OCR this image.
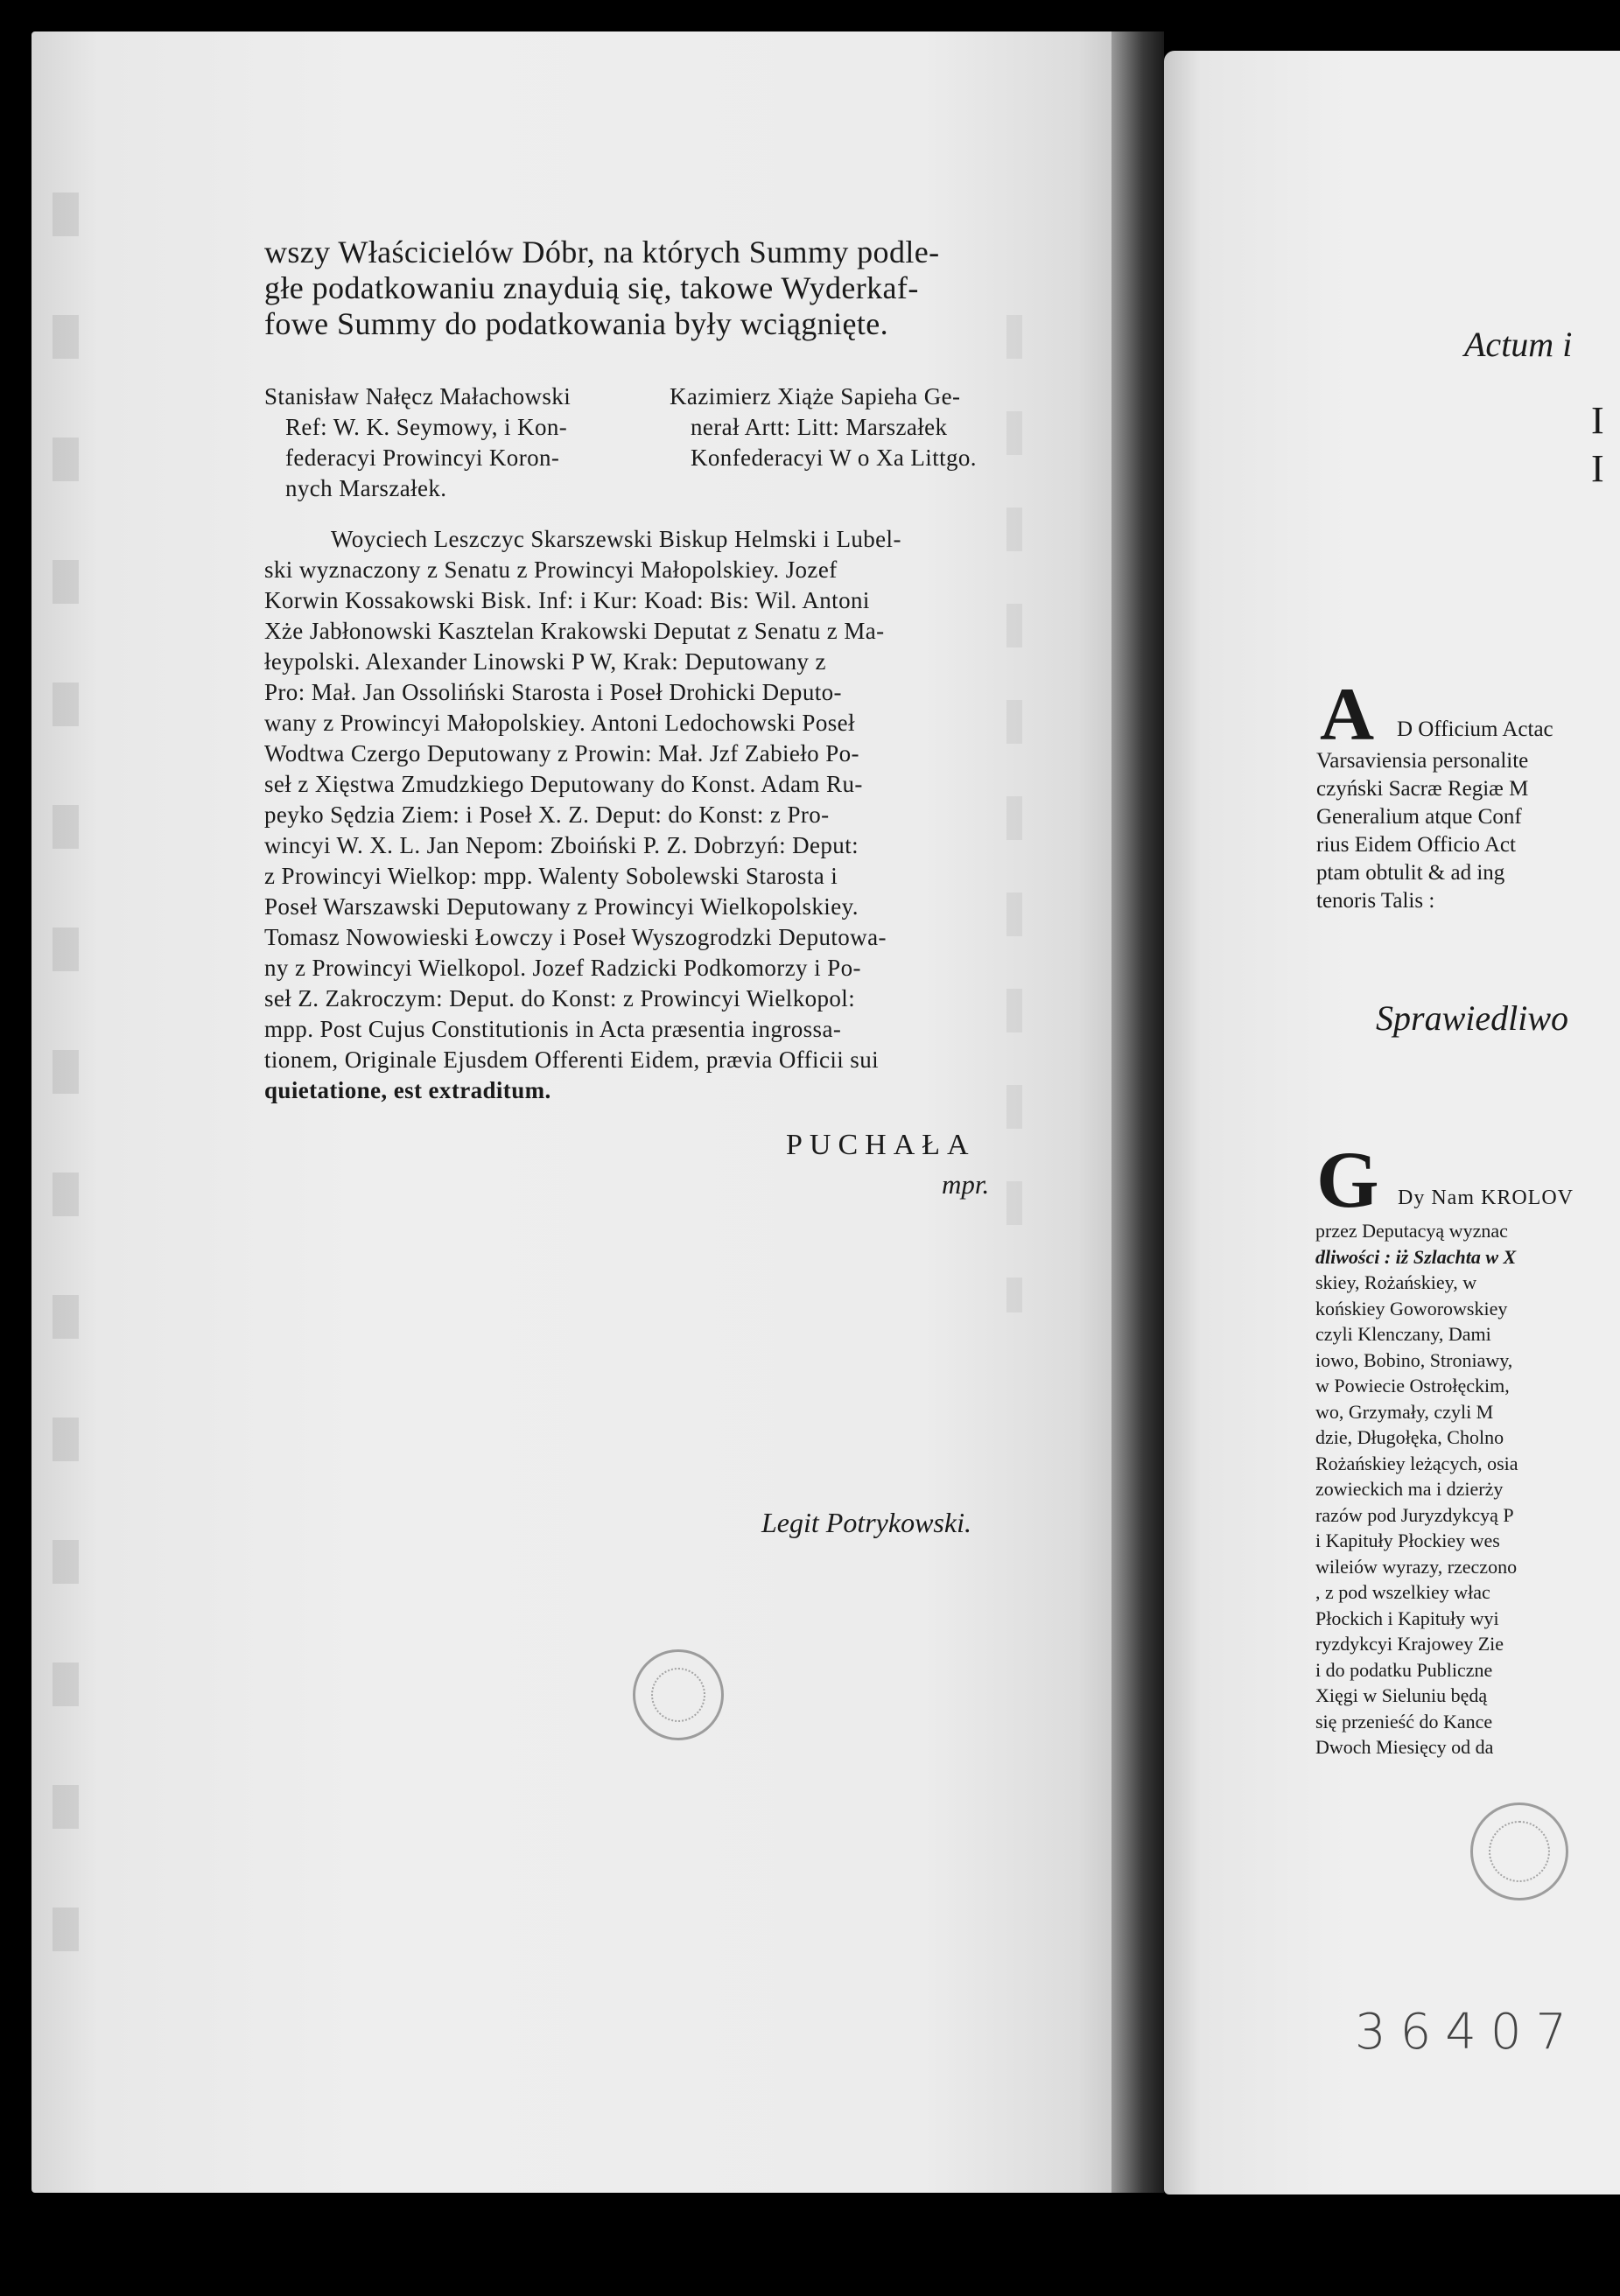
wszy Właścicielów Dóbr, na których Summy podle-
głe podatkowaniu znayduią się, takowe Wyderkaf-
fowe Summy do podatkowania były wciągnięte.
Stanisław Nałęcz Małachowski
Ref: W. K. Seymowy, i Kon-
federacyi Prowincyi Koron-
nych Marszałek.
Kazimierz Xiąże Sapieha Ge-
nerał Artt: Litt: Marszałek
Konfederacyi W o Xa Littgo.
Woyciech Leszczyc Skarszewski Biskup Helmski i Lubel-
ski wyznaczony z Senatu z Prowincyi Małopolskiey. Jozef
Korwin Kossakowski Bisk. Inf: i Kur: Koad: Bis: Wil. Antoni
Xże Jabłonowski Kasztelan Krakowski Deputat z Senatu z Ma-
łeypolski. Alexander Linowski P W, Krak: Deputowany z
Pro: Mał. Jan Ossoliński Starosta i Poseł Drohicki Deputo-
wany z Prowincyi Małopolskiey. Antoni Ledochowski Poseł
Wodtwa Czergo Deputowany z Prowin: Mał. Jzf Zabieło Po-
seł z Xięstwa Zmudzkiego Deputowany do Konst. Adam Ru-
peyko Sędzia Ziem: i Poseł X. Z. Deput: do Konst: z Pro-
wincyi W. X. L. Jan Nepom: Zboiński P. Z. Dobrzyń: Deput:
z Prowincyi Wielkop: mpp. Walenty Sobolewski Starosta i
Poseł Warszawski Deputowany z Prowincyi Wielkopolskiey.
Tomasz Nowowieski Łowczy i Poseł Wyszogrodzki Deputowa-
ny z Prowincyi Wielkopol. Jozef Radzicki Podkomorzy i Po-
seł Z. Zakroczym: Deput. do Konst: z Prowincyi Wielkopol:
mpp. Post Cujus Constitutionis in Acta præsentia ingrossa-
tionem, Originale Ejusdem Offerenti Eidem, prævia Officii sui
quietatione, est extraditum.
PUCHAŁA
mpr.
Legit Potrykowski.
Actum i
I
I
A D Officium Actac
Varsaviensia personalite
czyński Sacræ Regiæ M
Generalium atque Conf
rius Eidem Officio Act
ptam obtulit & ad ing
tenoris Talis :
Sprawiedliwo
G Dy Nam KROLOV
przez Deputacyą wyznac
dliwości : iż Szlachta w X
skiey, Rożańskiey, w
końskiey Goworowskiey
czyli Klenczany, Dami
iowo, Bobino, Stroniawy,
w Powiecie Ostrołęckim,
wo, Grzymały, czyli M
dzie, Długołęka, Cholno
Rożańskiey leżących, osia
zowieckich ma i dzierży
razów pod Juryzdykcyą P
i Kapituły Płockiey wes
wileiów wyrazy, rzeczono
, z pod wszelkiey włac
Płockich i Kapituły wyi
ryzdykcyi Krajowey Zie
i do podatku Publiczne
Xięgi w Sieluniu będą
się przenieść do Kance
Dwoch Miesięcy od da
36407
